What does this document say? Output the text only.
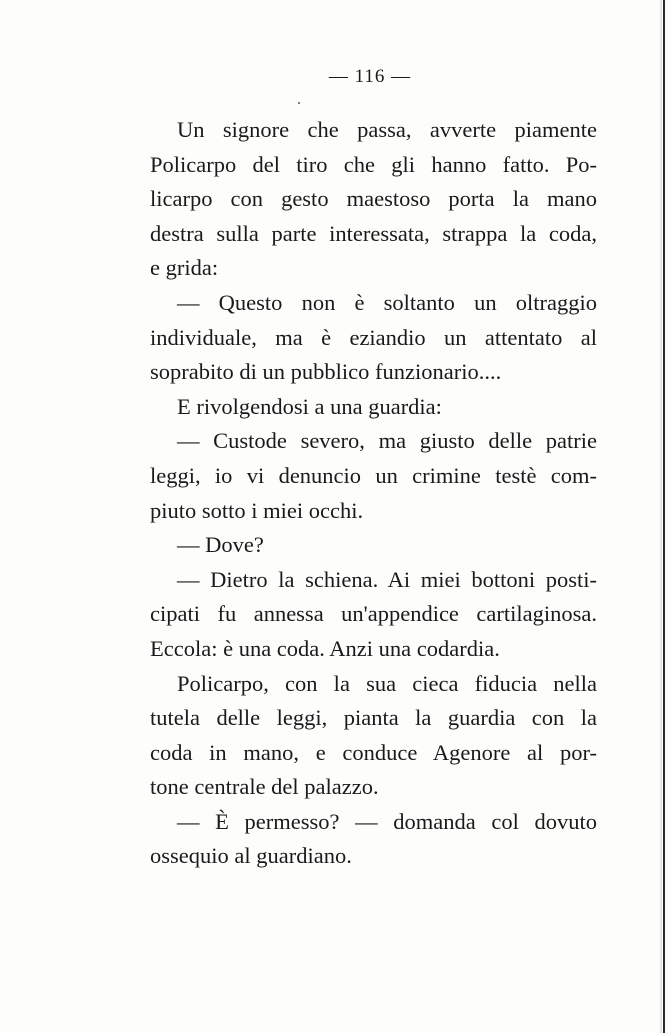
— 116 —
Un signore che passa, avverte piamente
Policarpo del tiro che gli hanno fatto. Po-
licarpo con gesto maestoso porta la mano
destra sulla parte interessata, strappa la coda,
e grida:
— Questo non è soltanto un oltraggio
individuale, ma è eziandio un attentato al
soprabito di un pubblico funzionario....
E rivolgendosi a una guardia:
— Custode severo, ma giusto delle patrie
leggi, io vi denuncio un crimine testè com-
piuto sotto i miei occhi.
— Dove?
— Dietro la schiena. Ai miei bottoni posti-
cipati fu annessa un'appendice cartilaginosa.
Eccola: è una coda. Anzi una codardia.
Policarpo, con la sua cieca fiducia nella
tutela delle leggi, pianta la guardia con la
coda in mano, e conduce Agenore al por-
tone centrale del palazzo.
— È permesso? — domanda col dovuto
ossequio al guardiano.
